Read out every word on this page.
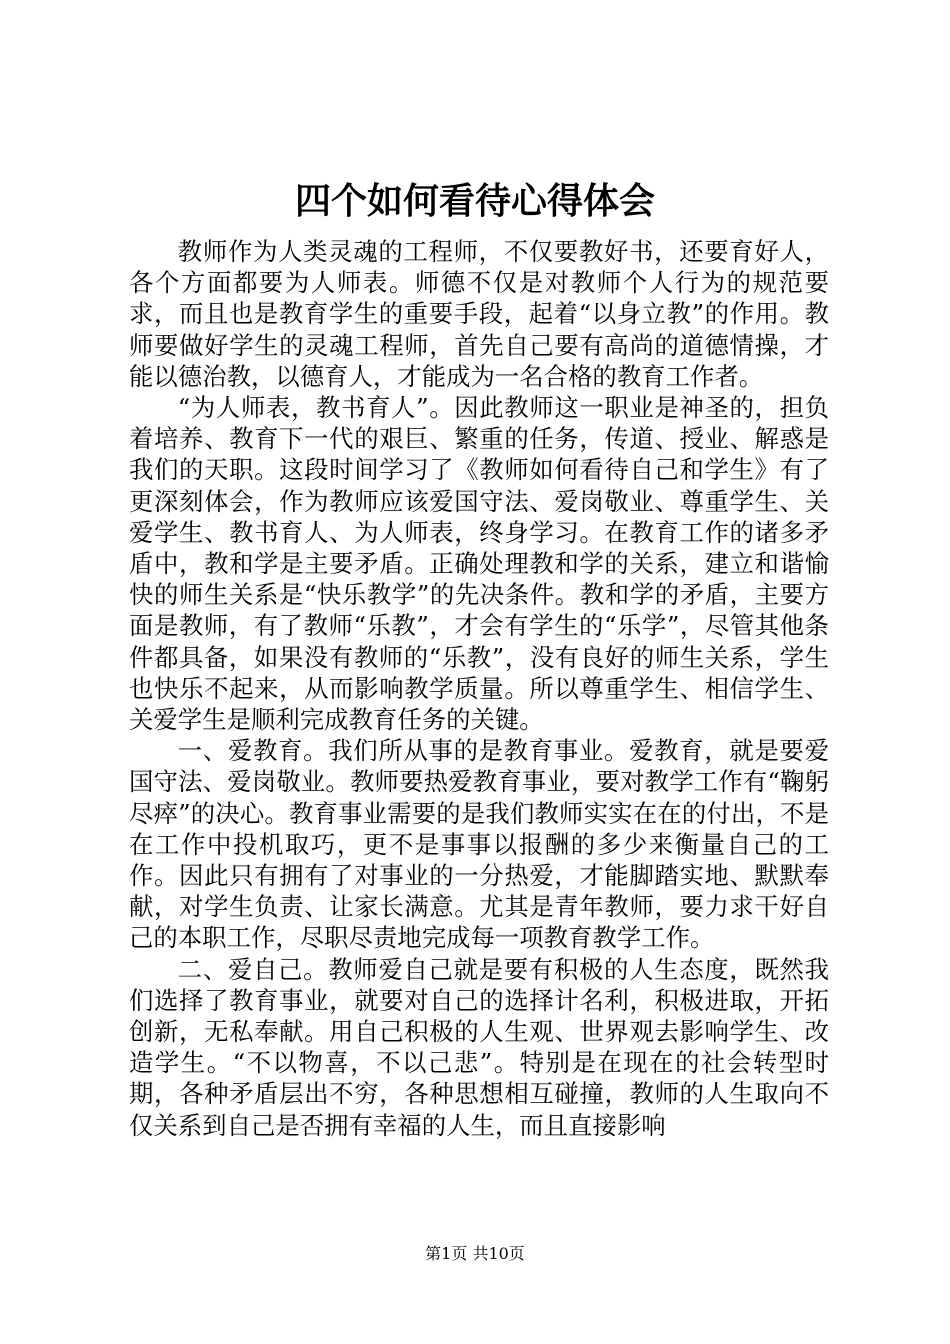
四个如何看待心得体会

教师作为人类灵魂的工程师，不仅要教好书，还要育好人，各个方面都要为人师表。师德不仅是对教师个人行为的规范要求，而且也是教育学生的重要手段，起着“以身立教”的作用。教师要做好学生的灵魂工程师，首先自己要有高尚的道德情操，才能以德治教，以德育人，才能成为一名合格的教育工作者。

“为人师表，教书育人”。因此教师这一职业是神圣的，担负着培养、教育下一代的艰巨、繁重的任务，传道、授业、解惑是我们的天职。这段时间学习了《教师如何看待自己和学生》有了更深刻体会，作为教师应该爱国守法、爱岗敬业、尊重学生、关爱学生、教书育人、为人师表，终身学习。在教育工作的诸多矛盾中，教和学是主要矛盾。正确处理教和学的关系，建立和谐愉快的师生关系是“快乐教学”的先决条件。教和学的矛盾，主要方面是教师，有了教师“乐教”，才会有学生的“乐学”，尽管其他条件都具备，如果没有教师的“乐教”，没有良好的师生关系，学生也快乐不起来，从而影响教学质量。所以尊重学生、相信学生、关爱学生是顺利完成教育任务的关键。

一、爱教育。我们所从事的是教育事业。爱教育，就是要爱国守法、爱岗敬业。教师要热爱教育事业，要对教学工作有“鞠躬尽瘁”的决心。教育事业需要的是我们教师实实在在的付出，不是在工作中投机取巧，更不是事事以报酬的多少来衡量自己的工作。因此只有拥有了对事业的一分热爱，才能脚踏实地、默默奉献，对学生负责、让家长满意。尤其是青年教师，要力求干好自己的本职工作，尽职尽责地完成每一项教育教学工作。

二、爱自己。教师爱自己就是要有积极的人生态度，既然我们选择了教育事业，就要对自己的选择计名利，积极进取，开拓创新，无私奉献。用自己积极的人生观、世界观去影响学生、改造学生。“不以物喜，不以己悲”。特别是在现在的社会转型时期，各种矛盾层出不穷，各种思想相互碰撞，教师的人生取向不仅关系到自己是否拥有幸福的人生，而且直接影响

第1页 共10页
